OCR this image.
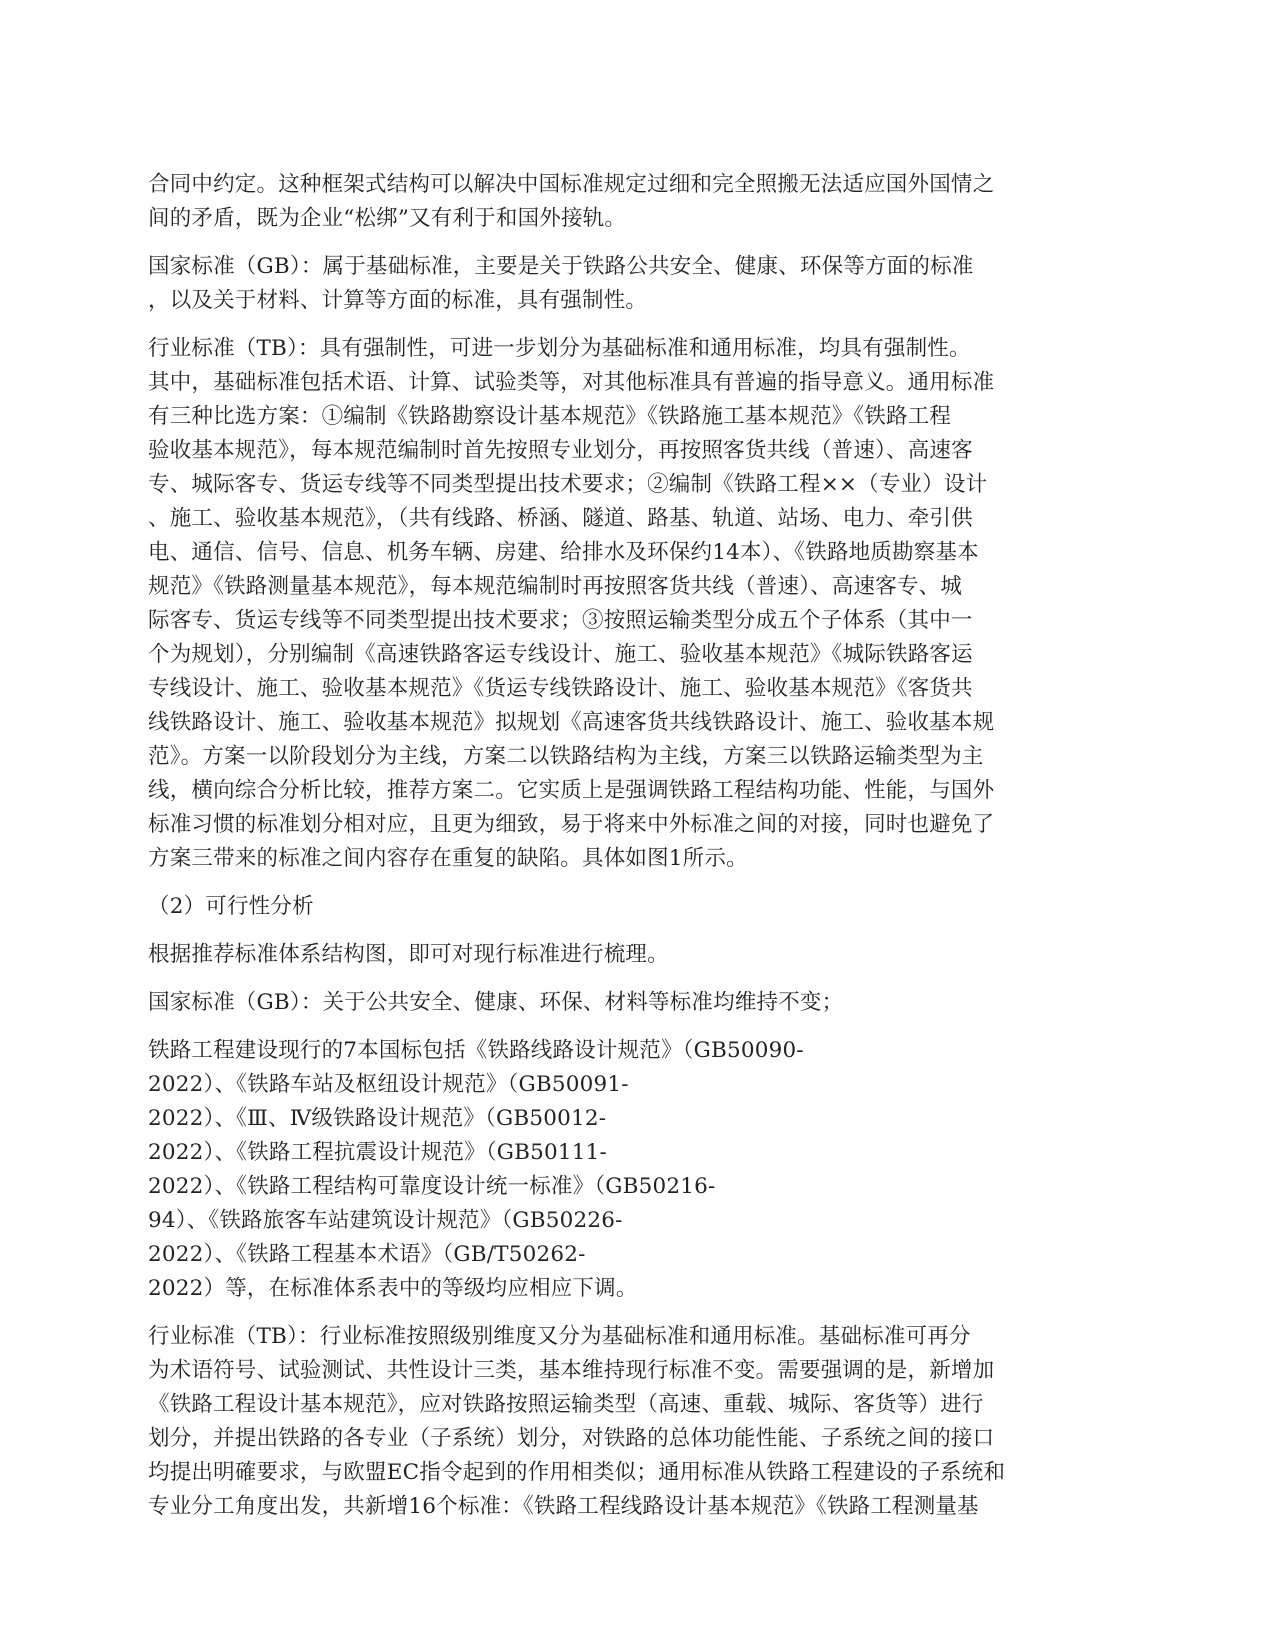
合同中约定。这种框架式结构可以解决中国标准规定过细和完全照搬无法适应国外国情之
间的矛盾，既为企业“松绑”又有利于和国外接轨。
国家标准（GB）：属于基础标准，主要是关于铁路公共安全、健康、环保等方面的标准
，以及关于材料、计算等方面的标准，具有强制性。
行业标准（TB）：具有强制性，可进一步划分为基础标准和通用标准，均具有强制性。
其中，基础标准包括术语、计算、试验类等，对其他标准具有普遍的指导意义。通用标准
有三种比选方案：①编制《铁路勘察设计基本规范》《铁路施工基本规范》《铁路工程
验收基本规范》，每本规范编制时首先按照专业划分，再按照客货共线（普速）、高速客
专、城际客专、货运专线等不同类型提出技术要求；②编制《铁路工程××（专业）设计
、施工、验收基本规范》，（共有线路、桥涵、隧道、路基、轨道、站场、电力、牵引供
电、通信、信号、信息、机务车辆、房建、给排水及环保约14本）、《铁路地质勘察基本
规范》《铁路测量基本规范》，每本规范编制时再按照客货共线（普速）、高速客专、城
际客专、货运专线等不同类型提出技术要求；③按照运输类型分成五个子体系（其中一
个为规划），分别编制《高速铁路客运专线设计、施工、验收基本规范》《城际铁路客运
专线设计、施工、验收基本规范》《货运专线铁路设计、施工、验收基本规范》《客货共
线铁路设计、施工、验收基本规范》拟规划《高速客货共线铁路设计、施工、验收基本规
范》。方案一以阶段划分为主线，方案二以铁路结构为主线，方案三以铁路运输类型为主
线，横向综合分析比较，推荐方案二。它实质上是强调铁路工程结构功能、性能，与国外
标准习惯的标准划分相对应，且更为细致，易于将来中外标准之间的对接，同时也避免了
方案三带来的标准之间内容存在重复的缺陷。具体如图1所示。
（2）可行性分析
根据推荐标准体系结构图，即可对现行标准进行梳理。
国家标准（GB）：关于公共安全、健康、环保、材料等标准均维持不变；
铁路工程建设现行的7本国标包括《铁路线路设计规范》（GB50090-
2022）、《铁路车站及枢纽设计规范》（GB50091-
2022）、《Ⅲ、Ⅳ级铁路设计规范》（GB50012-
2022）、《铁路工程抗震设计规范》（GB50111-
2022）、《铁路工程结构可靠度设计统一标准》（GB50216-
94）、《铁路旅客车站建筑设计规范》（GB50226-
2022）、《铁路工程基本术语》（GB/T50262-
2022）等，在标准体系表中的等级均应相应下调。
行业标准（TB）：行业标准按照级别维度又分为基础标准和通用标准。基础标准可再分
为术语符号、试验测试、共性设计三类，基本维持现行标准不变。需要强调的是，新增加
《铁路工程设计基本规范》，应对铁路按照运输类型（高速、重载、城际、客货等）进行
划分，并提出铁路的各专业（子系统）划分，对铁路的总体功能性能、子系统之间的接口
均提出明確要求，与欧盟EC指令起到的作用相类似；通用标准从铁路工程建设的子系统和
专业分工角度出发，共新增16个标准：《铁路工程线路设计基本规范》《铁路工程测量基
